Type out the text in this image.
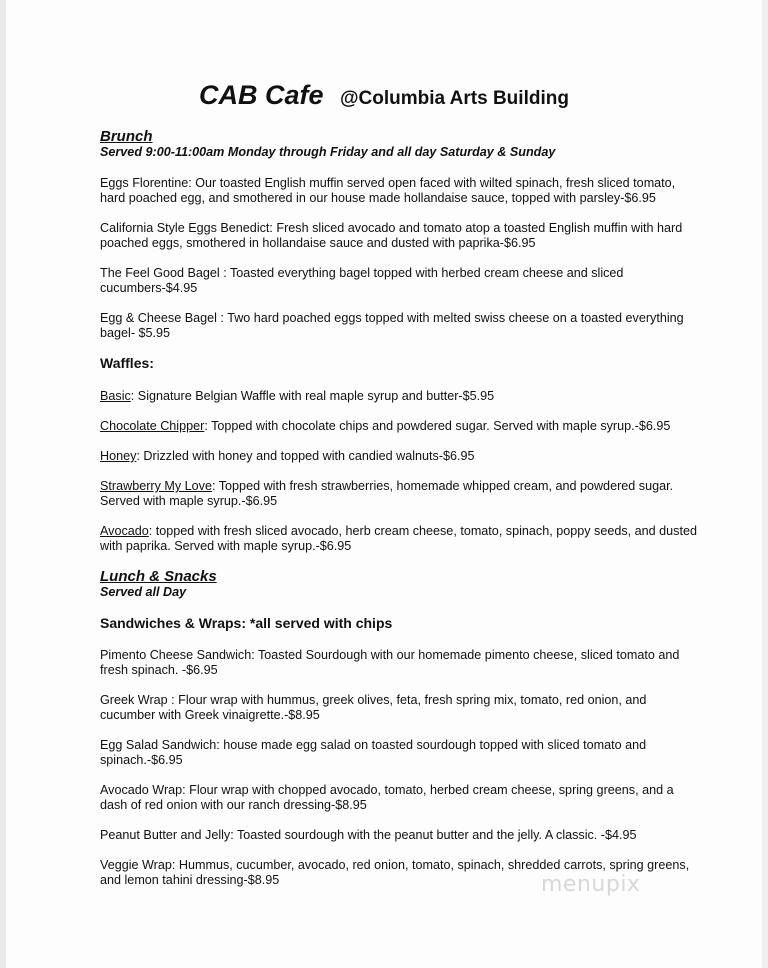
CAB Cafe @Columbia Arts Building
Brunch
Served 9:00-11:00am Monday through Friday and all day Saturday & Sunday
Eggs Florentine: Our toasted English muffin served open faced with wilted spinach, fresh sliced tomato, hard poached egg, and smothered in our house made hollandaise sauce, topped with parsley-$6.95
California Style Eggs Benedict: Fresh sliced avocado and tomato atop a toasted English muffin with hard poached eggs, smothered in hollandaise sauce and dusted with paprika-$6.95
The Feel Good Bagel : Toasted everything bagel topped with herbed cream cheese and sliced cucumbers-$4.95
Egg & Cheese Bagel : Two hard poached eggs topped with melted swiss cheese on a toasted everything bagel- $5.95
Waffles:
Basic: Signature Belgian Waffle with real maple syrup and butter-$5.95
Chocolate Chipper: Topped with chocolate chips and powdered sugar. Served with maple syrup.-$6.95
Honey: Drizzled with honey and topped with candied walnuts-$6.95
Strawberry My Love: Topped with fresh strawberries, homemade whipped cream, and powdered sugar. Served with maple syrup.-$6.95
Avocado: topped with fresh sliced avocado, herb cream cheese, tomato, spinach, poppy seeds, and dusted with paprika. Served with maple syrup.-$6.95
Lunch & Snacks
Served all Day
Sandwiches & Wraps: *all served with chips
Pimento Cheese Sandwich: Toasted Sourdough with our homemade pimento cheese, sliced tomato and fresh spinach. -$6.95
Greek Wrap : Flour wrap with hummus, greek olives, feta, fresh spring mix, tomato, red onion, and cucumber with Greek vinaigrette.-$8.95
Egg Salad Sandwich: house made egg salad on toasted sourdough topped with sliced tomato and spinach.-$6.95
Avocado Wrap: Flour wrap with chopped avocado, tomato, herbed cream cheese, spring greens, and a dash of red onion with our ranch dressing-$8.95
Peanut Butter and Jelly: Toasted sourdough with the peanut butter and the jelly. A classic. -$4.95
Veggie Wrap: Hummus, cucumber, avocado, red onion, tomato, spinach, shredded carrots, spring greens, and lemon tahini dressing-$8.95	menupix
